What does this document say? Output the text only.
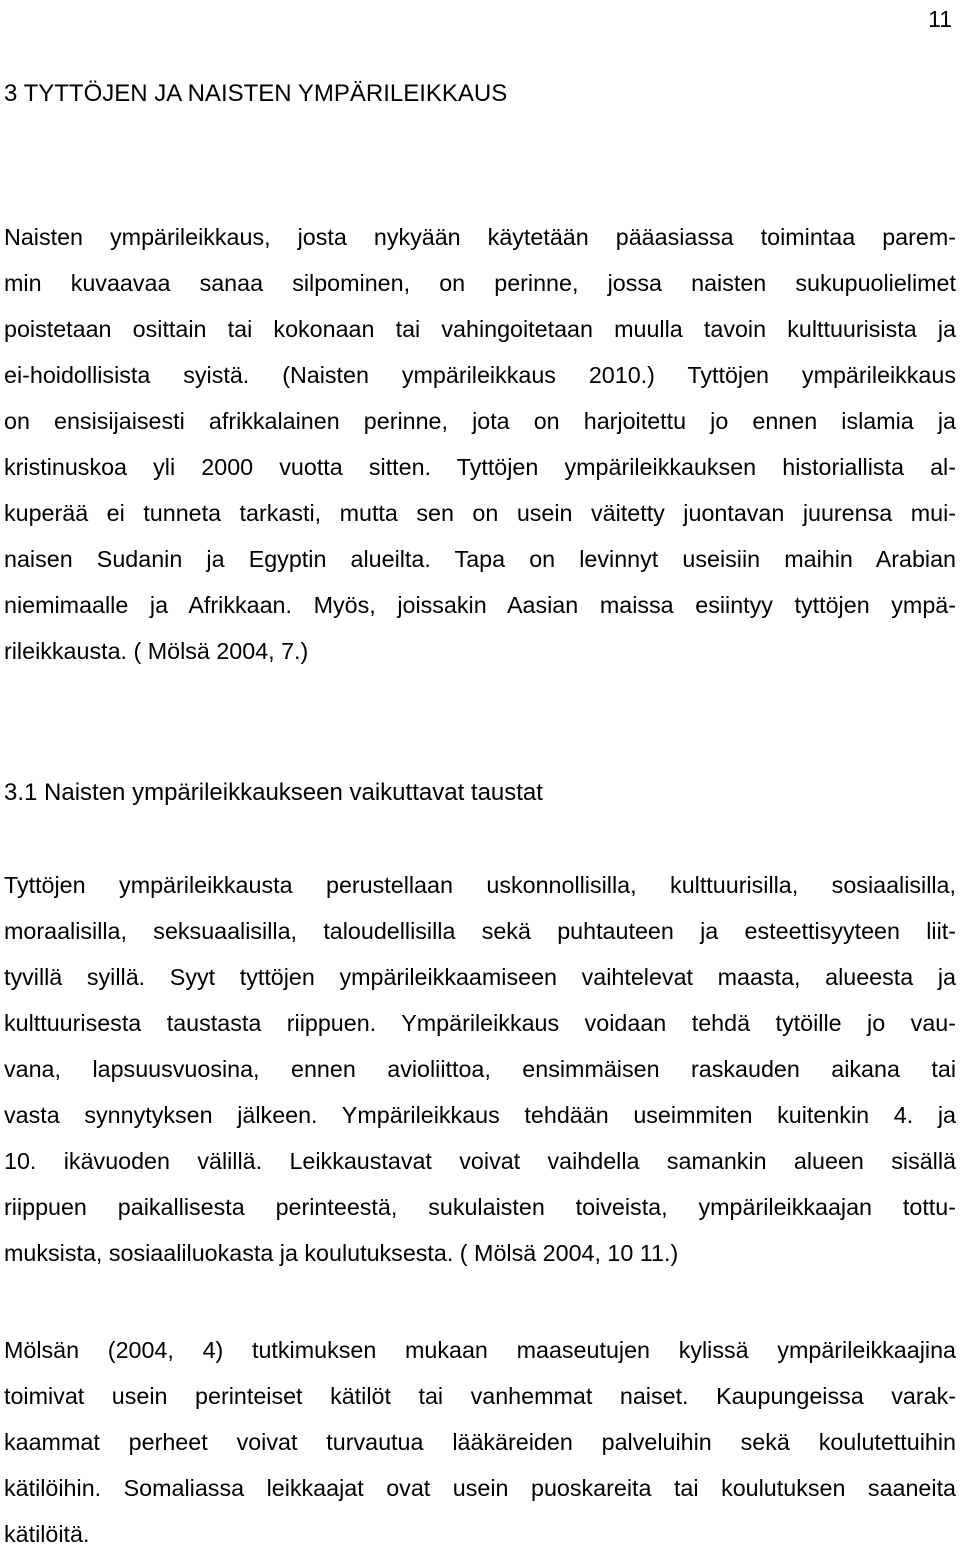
11
3 TYTTÖJEN JA NAISTEN YMPÄRILEIKKAUS
Naisten ympärileikkaus, josta nykyään käytetään pääasiassa toimintaa parem-
min kuvaavaa sanaa silpominen, on perinne, jossa naisten sukupuolielimet
poistetaan osittain tai kokonaan tai vahingoitetaan muulla tavoin kulttuurisista ja
ei-hoidollisista syistä. (Naisten ympärileikkaus 2010.) Tyttöjen ympärileikkaus
on ensisijaisesti afrikkalainen perinne, jota on harjoitettu jo ennen islamia ja
kristinuskoa yli 2000 vuotta sitten. Tyttöjen ympärileikkauksen historiallista al-
kuperää ei tunneta tarkasti, mutta sen on usein väitetty juontavan juurensa mui-
naisen Sudanin ja Egyptin alueilta. Tapa on levinnyt useisiin maihin Arabian
niemimaalle ja Afrikkaan. Myös, joissakin Aasian maissa esiintyy tyttöjen ympä-
rileikkausta. ( Mölsä 2004, 7.)
3.1 Naisten ympärileikkaukseen vaikuttavat taustat
Tyttöjen ympärileikkausta perustellaan uskonnollisilla, kulttuurisilla, sosiaalisilla,
moraalisilla, seksuaalisilla, taloudellisilla sekä puhtauteen ja esteettisyyteen liit-
tyvillä syillä. Syyt tyttöjen ympärileikkaamiseen vaihtelevat maasta, alueesta ja
kulttuurisesta taustasta riippuen. Ympärileikkaus voidaan tehdä tytöille jo vau-
vana, lapsuusvuosina, ennen avioliittoa, ensimmäisen raskauden aikana tai
vasta synnytyksen jälkeen. Ympärileikkaus tehdään useimmiten kuitenkin 4. ja
10. ikävuoden välillä. Leikkaustavat voivat vaihdella samankin alueen sisällä
riippuen paikallisesta perinteestä, sukulaisten toiveista, ympärileikkaajan tottu-
muksista, sosiaaliluokasta ja koulutuksesta. ( Mölsä 2004, 10 11.)
Mölsän (2004, 4) tutkimuksen mukaan maaseutujen kylissä ympärileikkaajina
toimivat usein perinteiset kätilöt tai vanhemmat naiset. Kaupungeissa varak-
kaammat perheet voivat turvautua lääkäreiden palveluihin sekä koulutettuihin
kätilöihin. Somaliassa leikkaajat ovat usein puoskareita tai koulutuksen saaneita
kätilöitä.
